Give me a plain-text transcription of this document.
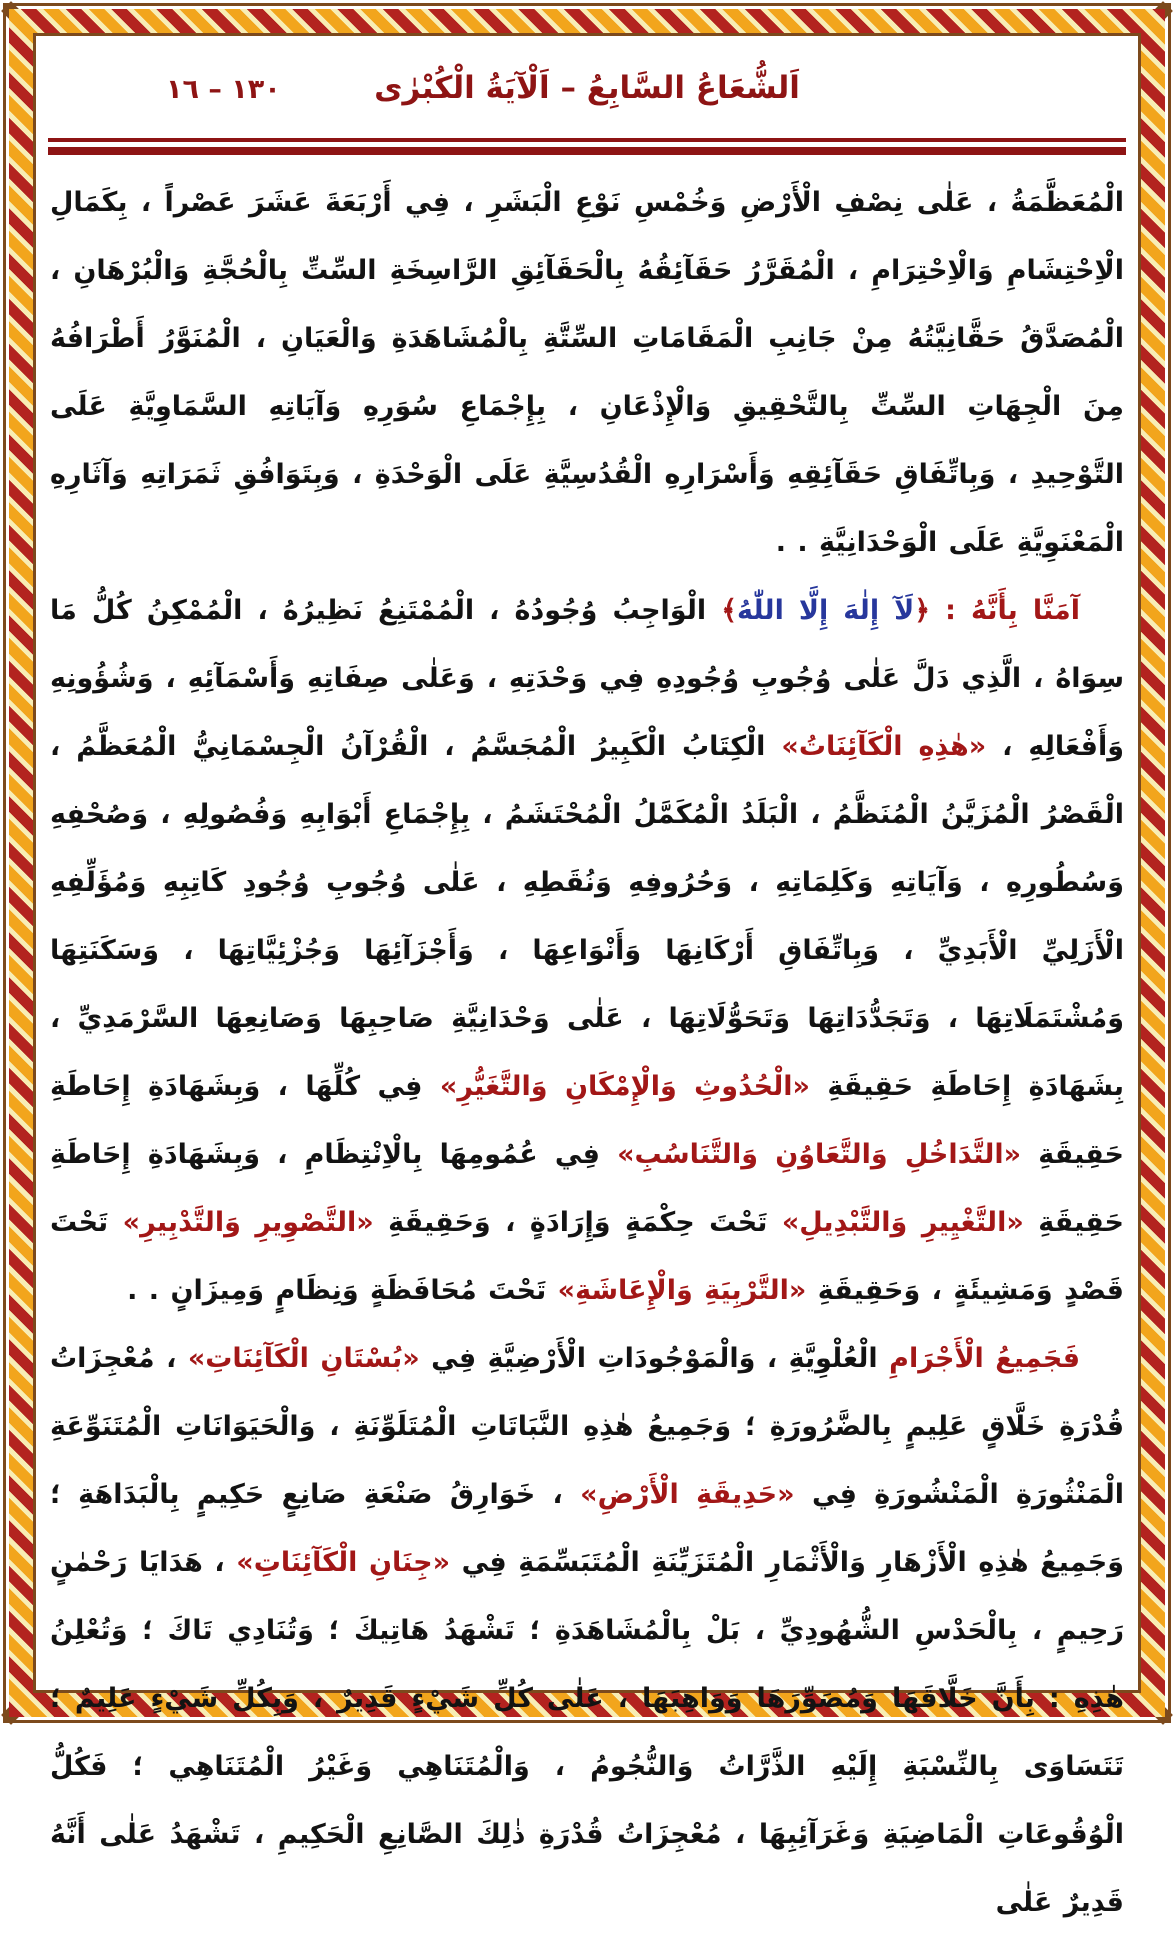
اَلشُّعَاعُ السَّابِعُ – اَلْآيَةُ الْكُبْرٰى
١٣٠ – ١٦
الْمُعَظَّمَةُ ، عَلٰى نِصْفِ الْأَرْضِ وَخُمْسِ نَوْعِ الْبَشَرِ ، فِي أَرْبَعَةَ عَشَرَ عَصْراً ، بِكَمَالِ الْاِحْتِشَامِ وَالْاِحْتِرَامِ ، الْمُقَرَّرُ حَقَآئِقُهُ بِالْحَقَآئِقِ الرَّاسِخَةِ السِّتِّ بِالْحُجَّةِ وَالْبُرْهَانِ ، الْمُصَدَّقُ حَقَّانِيَّتُهُ مِنْ جَانِبِ الْمَقَامَاتِ السِّتَّةِ بِالْمُشَاهَدَةِ وَالْعَيَانِ ، الْمُنَوَّرُ أَطْرَافُهُ مِنَ الْجِهَاتِ السِّتِّ بِالتَّحْقِيقِ وَالْإِذْعَانِ ، بِإِجْمَاعِ سُوَرِهِ وَآيَاتِهِ السَّمَاوِيَّةِ عَلَى التَّوْحِيدِ ، وَبِاتِّفَاقِ حَقَآئِقِهِ وَأَسْرَارِهِ الْقُدُسِيَّةِ عَلَى الْوَحْدَةِ ، وَبِتَوَافُقِ ثَمَرَاتِهِ وَآثَارِهِ الْمَعْنَوِيَّةِ عَلَى الْوَحْدَانِيَّةِ . .
آمَنَّا بِأَنَّهُ : ﴿لَآ إِلٰهَ إِلَّا اللّٰهُ﴾ الْوَاجِبُ وُجُودُهُ ، الْمُمْتَنِعُ نَظِيرُهُ ، الْمُمْكِنُ كُلُّ مَا سِوَاهُ ، الَّذِي دَلَّ عَلٰى وُجُوبِ وُجُودِهِ فِي وَحْدَتِهِ ، وَعَلٰى صِفَاتِهِ وَأَسْمَآئِهِ ، وَشُؤُونِهِ وَأَفْعَالِهِ ، «هٰذِهِ الْكَآئِنَاتُ» الْكِتَابُ الْكَبِيرُ الْمُجَسَّمُ ، الْقُرْآنُ الْجِسْمَانِيُّ الْمُعَظَّمُ ، الْقَصْرُ الْمُزَيَّنُ الْمُنَظَّمُ ، الْبَلَدُ الْمُكَمَّلُ الْمُحْتَشَمُ ، بِإِجْمَاعِ أَبْوَابِهِ وَفُصُولِهِ ، وَصُحْفِهِ وَسُطُورِهِ ، وَآيَاتِهِ وَكَلِمَاتِهِ ، وَحُرُوفِهِ وَنُقَطِهِ ، عَلٰى وُجُوبِ وُجُودِ كَاتِبِهِ وَمُؤَلِّفِهِ الْأَزَلِيِّ الْأَبَدِيِّ ، وَبِاتِّفَاقِ أَرْكَانِهَا وَأَنْوَاعِهَا ، وَأَجْزَآئِهَا وَجُزْئِيَّاتِهَا ، وَسَكَنَتِهَا وَمُشْتَمَلَاتِهَا ، وَتَجَدُّدَاتِهَا وَتَحَوُّلَاتِهَا ، عَلٰى وَحْدَانِيَّةِ صَاحِبِهَا وَصَانِعِهَا السَّرْمَدِيِّ ، بِشَهَادَةِ إِحَاطَةِ حَقِيقَةِ «الْحُدُوثِ وَالْإِمْكَانِ وَالتَّغَيُّرِ» فِي كُلِّهَا ، وَبِشَهَادَةِ إِحَاطَةِ حَقِيقَةِ «التَّدَاخُلِ وَالتَّعَاوُنِ وَالتَّنَاسُبِ» فِي عُمُومِهَا بِالْاِنْتِظَامِ ، وَبِشَهَادَةِ إِحَاطَةِ حَقِيقَةِ «التَّغْيِيرِ وَالتَّبْدِيلِ» تَحْتَ حِكْمَةٍ وَإِرَادَةٍ ، وَحَقِيقَةِ «التَّصْوِيرِ وَالتَّدْبِيرِ» تَحْتَ قَصْدٍ وَمَشِيئَةٍ ، وَحَقِيقَةِ «التَّرْبِيَةِ وَالْإِعَاشَةِ» تَحْتَ مُحَافَظَةٍ وَنِظَامٍ وَمِيزَانٍ . .
فَجَمِيعُ الْأَجْرَامِ الْعُلْوِيَّةِ ، وَالْمَوْجُودَاتِ الْأَرْضِيَّةِ فِي «بُسْتَانِ الْكَآئِنَاتِ» ، مُعْجِزَاتُ قُدْرَةِ خَلَّاقٍ عَلِيمٍ بِالضَّرُورَةِ ؛ وَجَمِيعُ هٰذِهِ النَّبَاتَاتِ الْمُتَلَوِّنَةِ ، وَالْحَيَوَانَاتِ الْمُتَنَوِّعَةِ الْمَنْثُورَةِ الْمَنْشُورَةِ فِي «حَدِيقَةِ الْأَرْضِ» ، خَوَارِقُ صَنْعَةِ صَانِعٍ حَكِيمٍ بِالْبَدَاهَةِ ؛ وَجَمِيعُ هٰذِهِ الْأَزْهَارِ وَالْأَثْمَارِ الْمُتَزَيِّنَةِ الْمُتَبَسِّمَةِ فِي «جِنَانِ الْكَآئِنَاتِ» ، هَدَايَا رَحْمٰنٍ رَحِيمٍ ، بِالْحَدْسِ الشُّهُودِيِّ ، بَلْ بِالْمُشَاهَدَةِ ؛ تَشْهَدُ هَاتِيكَ ؛ وَتُنَادِي تَاكَ ؛ وَتُعْلِنُ هٰذِهِ : بِأَنَّ خَلَّاقَهَا وَمُصَوِّرَهَا وَوَاهِبَهَا ، عَلٰى كُلِّ شَيْءٍ قَدِيرٌ ، وَبِكُلِّ شَيْءٍ عَلِيمٌ ؛ تَتَسَاوَى بِالنِّسْبَةِ إِلَيْهِ الذَّرَّاتُ وَالنُّجُومُ ، وَالْمُتَنَاهِي وَغَيْرُ الْمُتَنَاهِي ؛ فَكُلُّ الْوُقُوعَاتِ الْمَاضِيَةِ وَغَرَآئِبِهَا ، مُعْجِزَاتُ قُدْرَةِ ذٰلِكَ الصَّانِعِ الْحَكِيمِ ، تَشْهَدُ عَلٰى أَنَّهُ قَدِيرٌ عَلٰى
